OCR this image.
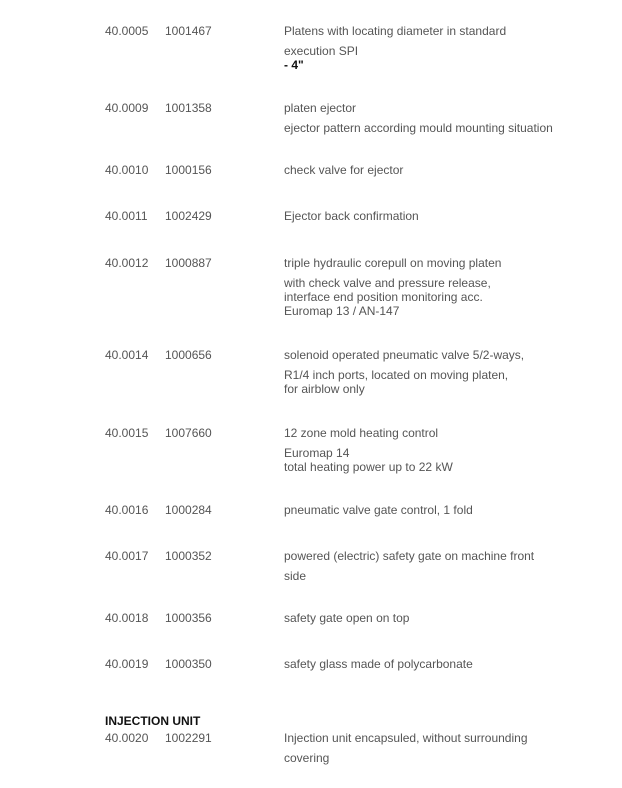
40.0005 1001467	Platens with locating diameter in standard
execution SPI
- 4"
40.0009 1001358	platen ejector
ejector pattern according mould mounting situation
40.0010 1000156	check valve for ejector
40.0011 1002429	Ejector back confirmation
40.0012 1000887	triple hydraulic corepull on moving platen
with check valve and pressure release,
interface end position monitoring acc.
Euromap 13 / AN-147
40.0014 1000656	solenoid operated pneumatic valve 5/2-ways,
R1/4 inch ports, located on moving platen,
for airblow only
40.0015 1007660	12 zone mold heating control
Euromap 14
total heating power up to 22 kW
40.0016 1000284	pneumatic valve gate control, 1 fold
40.0017 1000352	powered (electric) safety gate on machine front
side
40.0018 1000356	safety gate open on top
40.0019 1000350	safety glass made of polycarbonate
INJECTION UNIT
40.0020 1002291	Injection unit encapsuled, without surrounding
covering
